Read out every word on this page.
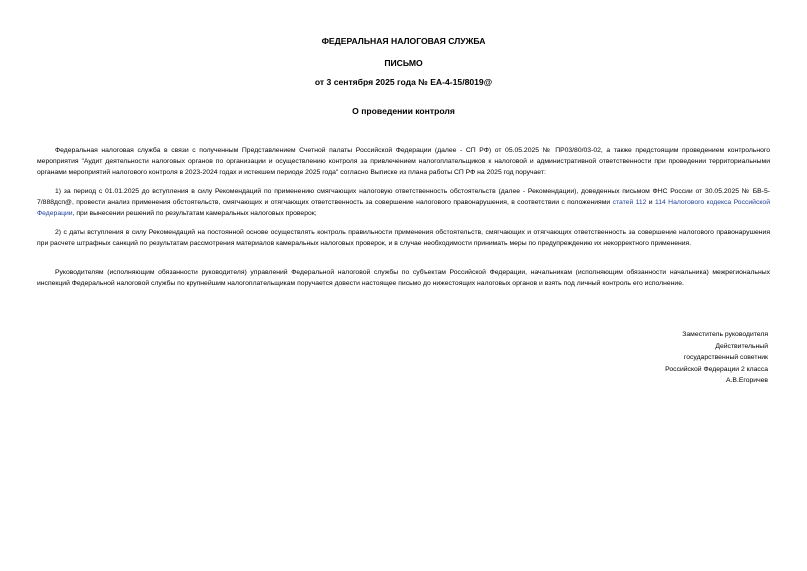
ФЕДЕРАЛЬНАЯ НАЛОГОВАЯ СЛУЖБА
ПИСЬМО
от 3 сентября 2025 года № ЕА-4-15/8019@
О проведении контроля

Федеральная налоговая служба в связи с полученным Представлением Счетной палаты Российской Федерации (далее - СП РФ) от 05.05.2025 № ПР03/80/03-02, а также предстоящим проведением контрольного мероприятия "Аудит деятельности налоговых органов по организации и осуществлению контроля за привлечением налогоплательщиков к налоговой и административной ответственности при проведении территориальными органами мероприятий налогового контроля в 2023-2024 годах и истекшем периоде 2025 года" согласно Выписке из плана работы СП РФ на 2025 год поручает:

1) за период с 01.01.2025 до вступления в силу Рекомендаций по применению смягчающих налоговую ответственность обстоятельств (далее - Рекомендации), доведенных письмом ФНС России от 30.05.2025 № БВ-5-7/888дсп@, провести анализ применения обстоятельств, смягчающих и отягчающих ответственность за совершение налогового правонарушения, в соответствии с положениями статей 112 и 114 Налогового кодекса Российской Федерации, при вынесении решений по результатам камеральных налоговых проверок;

2) с даты вступления в силу Рекомендаций на постоянной основе осуществлять контроль правильности применения обстоятельств, смягчающих и отягчающих ответственность за совершение налогового правонарушения при расчете штрафных санкций по результатам рассмотрения материалов камеральных налоговых проверок, и в случае необходимости принимать меры по предупреждению их некорректного применения.

Руководителям (исполняющим обязанности руководителя) управлений Федеральной налоговой службы по субъектам Российской Федерации, начальникам (исполняющим обязанности начальника) межрегиональных инспекций Федеральной налоговой службы по крупнейшим налогоплательщикам поручается довести настоящее письмо до нижестоящих налоговых органов и взять под личный контроль его исполнение.

Заместитель руководителя
Действительный
государственный советник
Российской Федерации 2 класса
А.В.Егоричев
